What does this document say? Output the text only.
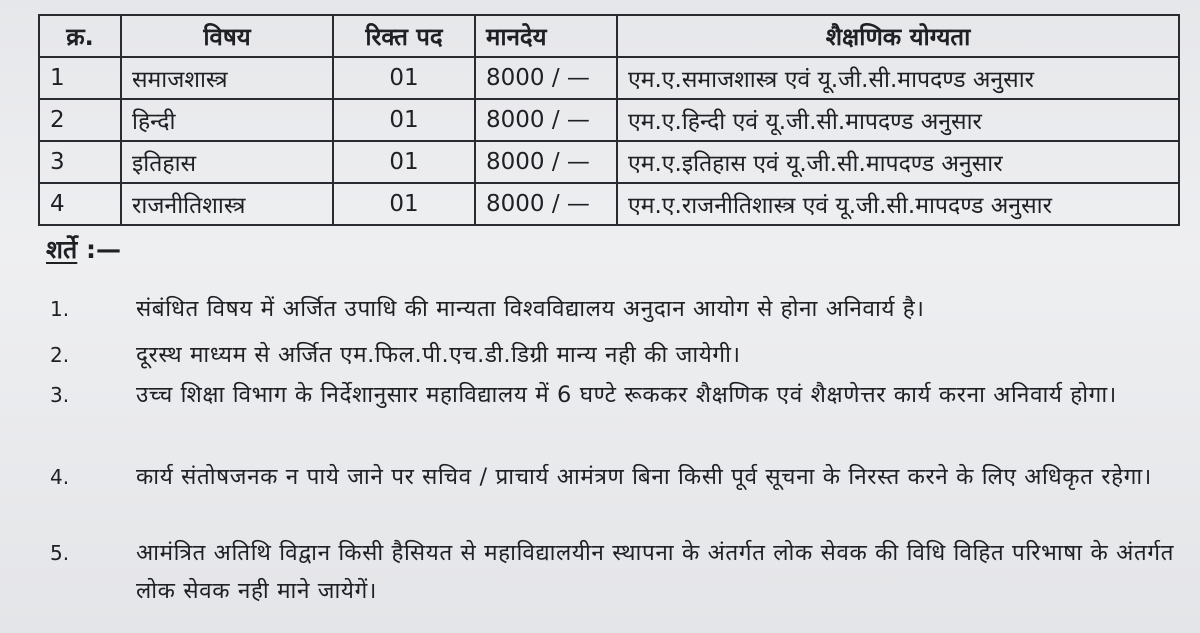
क्र.	विषय	रिक्त पद	मानदेय	शैक्षणिक योग्यता
1	समाजशास्त्र	01	8000 / —	एम.ए.समाजशास्त्र एवं यू.जी.सी.मापदण्ड अनुसार
2	हिन्दी	01	8000 / —	एम.ए.हिन्दी एवं यू.जी.सी.मापदण्ड अनुसार
3	इतिहास	01	8000 / —	एम.ए.इतिहास एवं यू.जी.सी.मापदण्ड अनुसार
4	राजनीतिशास्त्र	01	8000 / —	एम.ए.राजनीतिशास्त्र एवं यू.जी.सी.मापदण्ड अनुसार
शर्ते :—
1.	संबंधित विषय में अर्जित उपाधि की मान्यता विश्वविद्यालय अनुदान आयोग से होना अनिवार्य है।
2.	दूरस्थ माध्यम से अर्जित एम.फिल.पी.एच.डी.डिग्री मान्य नही की जायेगी।
3.	उच्च शिक्षा विभाग के निर्देशानुसार महाविद्यालय में 6 घण्टे रूककर शैक्षणिक एवं शैक्षणेत्तर कार्य करना अनिवार्य होगा।
4.	कार्य संतोषजनक न पाये जाने पर सचिव / प्राचार्य आमंत्रण बिना किसी पूर्व सूचना के निरस्त करने के लिए अधिकृत रहेगा।
5.	आमंत्रित अतिथि विद्वान किसी हैसियत से महाविद्यालयीन स्थापना के अंतर्गत लोक सेवक की विधि विहित परिभाषा के अंतर्गत लोक सेवक नही माने जायेगें।
